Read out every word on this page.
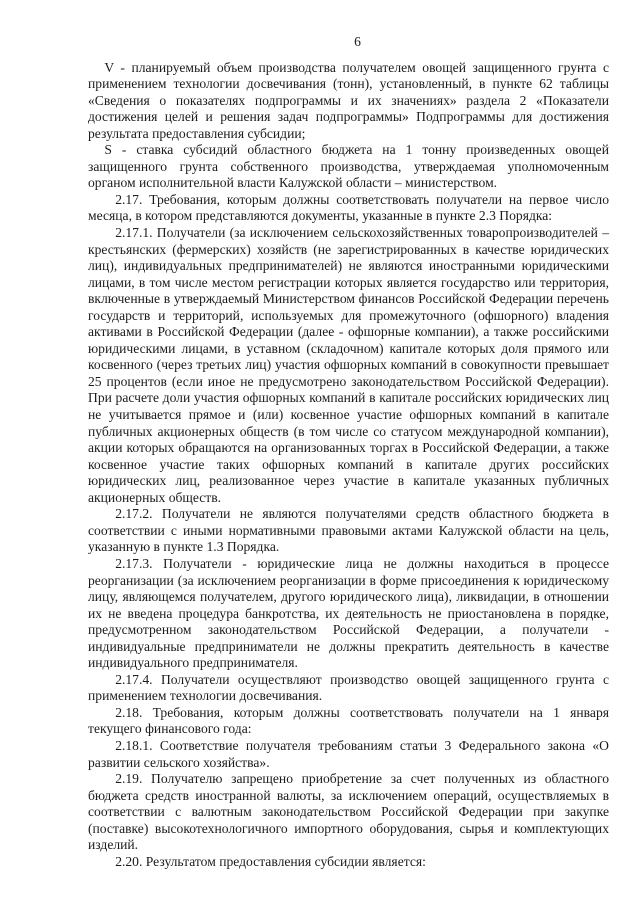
6

V - планируемый объем производства получателем овощей защищенного грунта с применением технологии досвечивания (тонн), установленный, в пункте 62 таблицы «Сведения о показателях подпрограммы и их значениях» раздела 2 «Показатели достижения целей и решения задач подпрограммы» Подпрограммы для достижения результата предоставления субсидии;

S - ставка субсидий областного бюджета на 1 тонну произведенных овощей защищенного грунта собственного производства, утверждаемая уполномоченным органом исполнительной власти Калужской области – министерством.

2.17. Требования, которым должны соответствовать получатели на первое число месяца, в котором представляются документы, указанные в пункте 2.3 Порядка:

2.17.1. Получатели (за исключением сельскохозяйственных товаропроизводителей – крестьянских (фермерских) хозяйств (не зарегистрированных в качестве юридических лиц), индивидуальных предпринимателей) не являются иностранными юридическими лицами, в том числе местом регистрации которых является государство или территория, включенные в утверждаемый Министерством финансов Российской Федерации перечень государств и территорий, используемых для промежуточного (офшорного) владения активами в Российской Федерации (далее - офшорные компании), а также российскими юридическими лицами, в уставном (складочном) капитале которых доля прямого или косвенного (через третьих лиц) участия офшорных компаний в совокупности превышает 25 процентов (если иное не предусмотрено законодательством Российской Федерации). При расчете доли участия офшорных компаний в капитале российских юридических лиц не учитывается прямое и (или) косвенное участие офшорных компаний в капитале публичных акционерных обществ (в том числе со статусом международной компании), акции которых обращаются на организованных торгах в Российской Федерации, а также косвенное участие таких офшорных компаний в капитале других российских юридических лиц, реализованное через участие в капитале указанных публичных акционерных обществ.

2.17.2. Получатели не являются получателями средств областного бюджета в соответствии с иными нормативными правовыми актами Калужской области на цель, указанную в пункте 1.3 Порядка.

2.17.3. Получатели - юридические лица не должны находиться в процессе реорганизации (за исключением реорганизации в форме присоединения к юридическому лицу, являющемся получателем, другого юридического лица), ликвидации, в отношении их не введена процедура банкротства, их деятельность не приостановлена в порядке, предусмотренном законодательством Российской Федерации, а получатели - индивидуальные предприниматели не должны прекратить деятельность в качестве индивидуального предпринимателя.

2.17.4. Получатели осуществляют производство овощей защищенного грунта с применением технологии досвечивания.

2.18. Требования, которым должны соответствовать получатели на 1 января текущего финансового года:

2.18.1. Соответствие получателя требованиям статьи 3 Федерального закона «О развитии сельского хозяйства».

2.19. Получателю запрещено приобретение за счет полученных из областного бюджета средств иностранной валюты, за исключением операций, осуществляемых в соответствии с валютным законодательством Российской Федерации при закупке (поставке) высокотехнологичного импортного оборудования, сырья и комплектующих изделий.

2.20. Результатом предоставления субсидии является:
